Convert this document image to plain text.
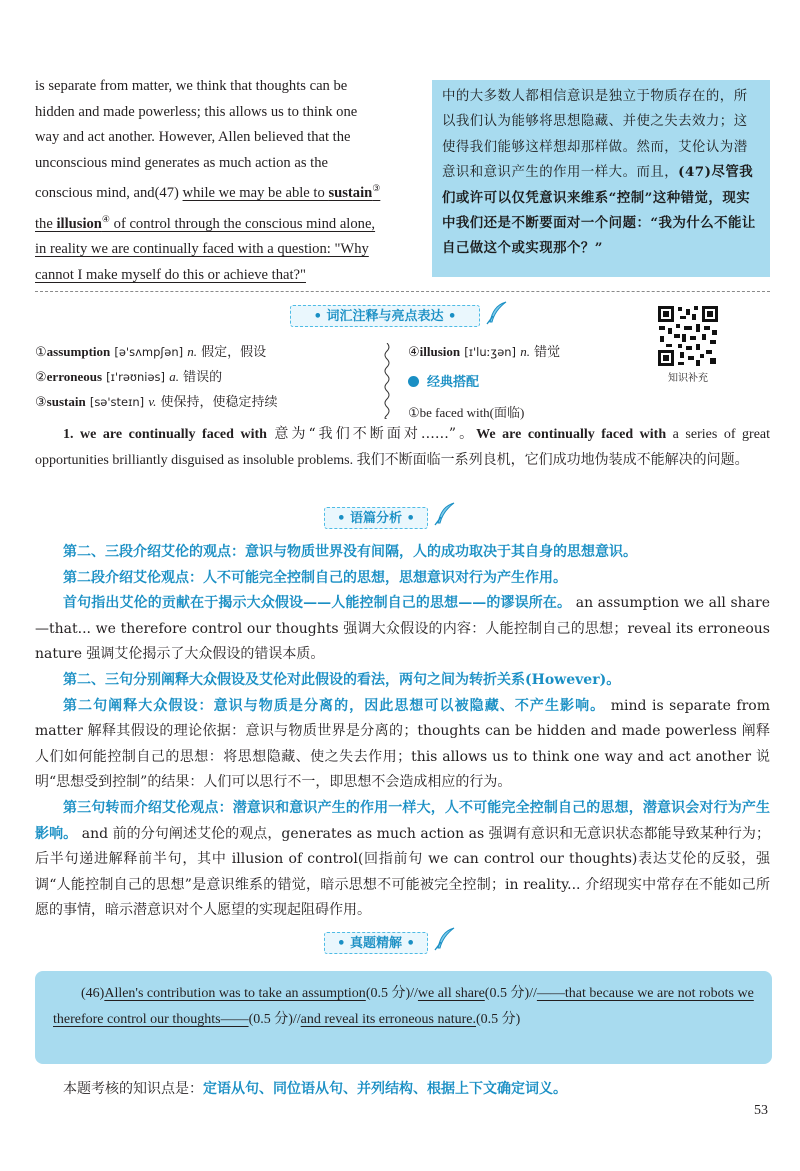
is separate from matter, we think that thoughts can be

hidden and made powerless; this allows us to think one

way and act another. However, Allen believed that the

unconscious mind generates as much action as the

conscious mind, and(47) while we may be able to sustain③

the illusion④ of control through the conscious mind alone,

in reality we are continually faced with a question: "Why

cannot I make myself do this or achieve that?"

中的大多数人都相信意识是独立于物质存在的，所以我们认为能够将思想隐藏、并使之失去效力；这使得我们能够这样想却那样做。然而，艾伦认为潜意识和意识产生的作用一样大。而且，(47)尽管我们或许可以仅凭意识来维系“控制”这种错觉，现实中我们还是不断要面对一个问题：“我为什么不能让自己做这个或实现那个？”
• 词汇注释与亮点表达 •
知识补充
①assumption [ə'sʌmpʃən] n. 假定，假设
②erroneous [ɪ'rəʊniəs] a. 错误的
③sustain [sə'steɪn] v. 使保持，使稳定持续
④illusion [ɪ'luːʒən] n. 错觉
经典搭配
①be faced with(面临)

1. we are continually faced with 意为“我们不断面对……”。We are continually faced with a series of great opportunities brilliantly disguised as insoluble problems. 我们不断面临一系列良机，它们成功地伪装成不能解决的问题。

• 语篇分析 •

第二、三段介绍艾伦的观点：意识与物质世界没有间隔，人的成功取决于其自身的思想意识。

第二段介绍艾伦观点：人不可能完全控制自己的思想，思想意识对行为产生作用。

首句指出艾伦的贡献在于揭示大众假设——人能控制自己的思想——的谬误所在。 an assumption we all share—that... we therefore control our thoughts 强调大众假设的内容：人能控制自己的思想；reveal its erroneous nature 强调艾伦揭示了大众假设的错误本质。

第二、三句分别阐释大众假设及艾伦对此假设的看法，两句之间为转折关系(However)。

第二句阐释大众假设：意识与物质是分离的，因此思想可以被隐藏、不产生影响。 mind is separate from matter 解释其假设的理论依据：意识与物质世界是分离的；thoughts can be hidden and made powerless 阐释人们如何能控制自己的思想：将思想隐藏、使之失去作用；this allows us to think one way and act another 说明“思想受到控制”的结果：人们可以思行不一，即思想不会造成相应的行为。

第三句转而介绍艾伦观点：潜意识和意识产生的作用一样大，人不可能完全控制自己的思想，潜意识会对行为产生影响。 and 前的分句阐述艾伦的观点，generates as much action as 强调有意识和无意识状态都能导致某种行为；后半句递进解释前半句，其中 illusion of control(回指前句 we can control our thoughts)表达艾伦的反驳，强调“人能控制自己的思想”是意识维系的错觉，暗示思想不可能被完全控制；in reality... 介绍现实中常存在不能如己所愿的事情，暗示潜意识对个人愿望的实现起阻碍作用。

• 真题精解 •
(46)Allen's contribution was to take an assumption(0.5 分)//we all share(0.5 分)//——that because we are not robots we therefore control our thoughts——(0.5 分)//and reveal its erroneous nature.(0.5 分)
本题考核的知识点是：定语从句、同位语从句、并列结构、根据上下文确定词义。
53
